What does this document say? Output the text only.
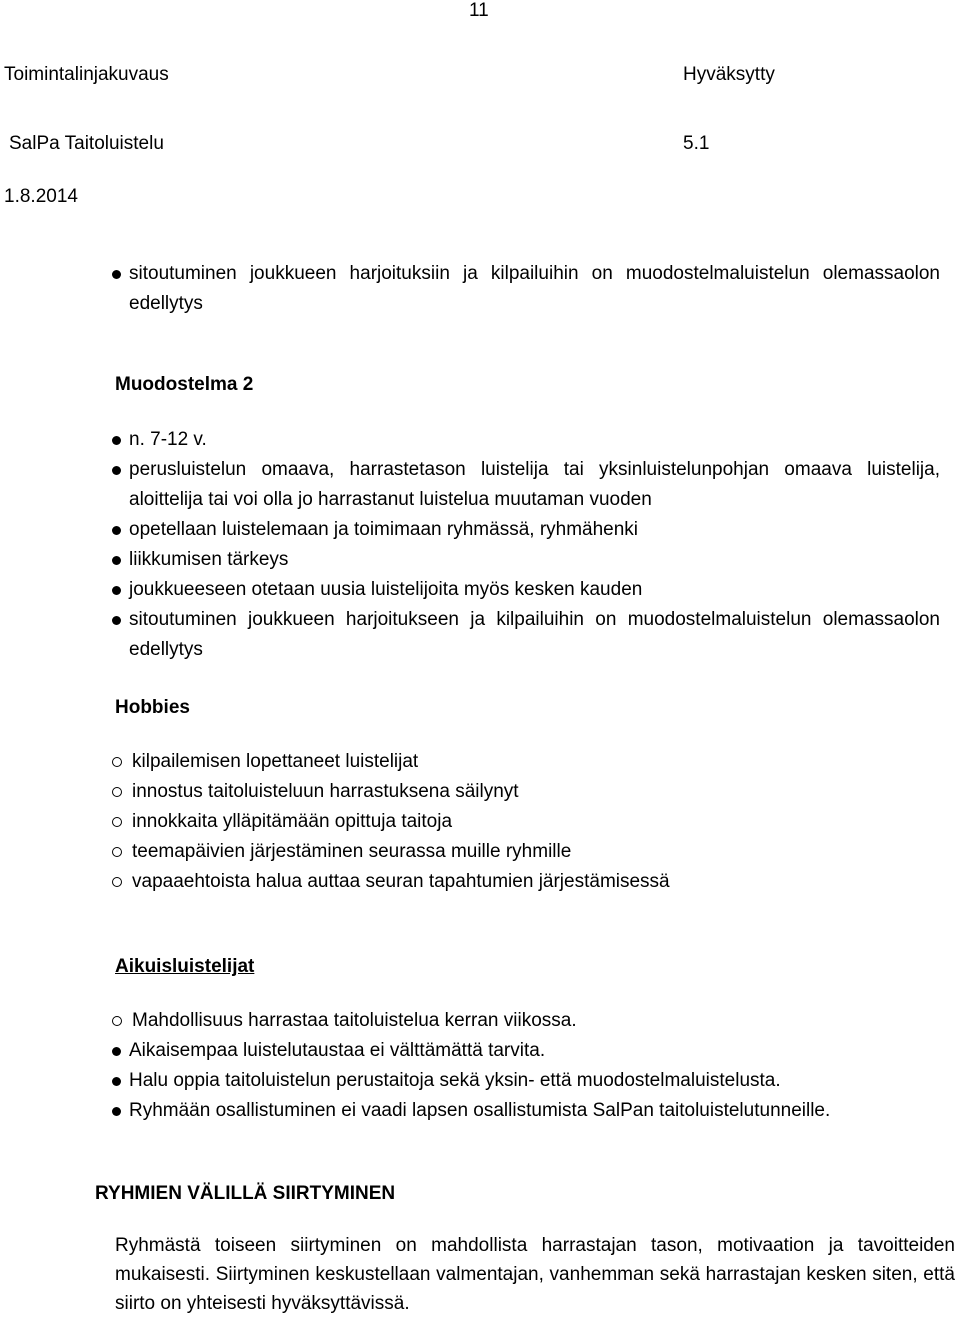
11
Toimintalinjakuvaus	Hyväksytty
SalPa Taitoluistelu	5.1
1.8.2014
sitoutuminen joukkueen harjoituksiin ja kilpailuihin on muodostelmaluistelun olemassaolon edellytys
Muodostelma 2
n. 7-12 v.
perusluistelun omaava, harrastetason luistelija tai yksinluistelunpohjan omaava luistelija, aloittelija tai voi olla jo harrastanut luistelua muutaman vuoden
opetellaan luistelemaan ja toimimaan ryhmässä, ryhmähenki
liikkumisen tärkeys
joukkueeseen otetaan uusia luistelijoita myös kesken kauden
sitoutuminen joukkueen harjoitukseen ja kilpailuihin on muodostelmaluistelun olemassaolon edellytys
Hobbies
kilpailemisen lopettaneet luistelijat
innostus taitoluisteluun harrastuksena säilynyt
innokkaita ylläpitämään opittuja taitoja
teemapäivien järjestäminen seurassa muille ryhmille
vapaaehtoista halua auttaa seuran tapahtumien järjestämisessä
Aikuisluistelijat
Mahdollisuus harrastaa taitoluistelua kerran viikossa.
Aikaisempaa luistelutaustaa ei välttämättä tarvita.
Halu oppia taitoluistelun perustaitoja sekä yksin- että muodostelmaluistelusta.
Ryhmään osallistuminen ei vaadi lapsen osallistumista SalPan taitoluistelutunneille.
RYHMIEN VÄLILLÄ SIIRTYMINEN
Ryhmästä toiseen siirtyminen on mahdollista harrastajan tason, motivaation ja tavoitteiden mukaisesti. Siirtyminen keskustellaan valmentajan, vanhemman sekä harrastajan kesken siten, että siirto on yhteisesti hyväksyttävissä.
